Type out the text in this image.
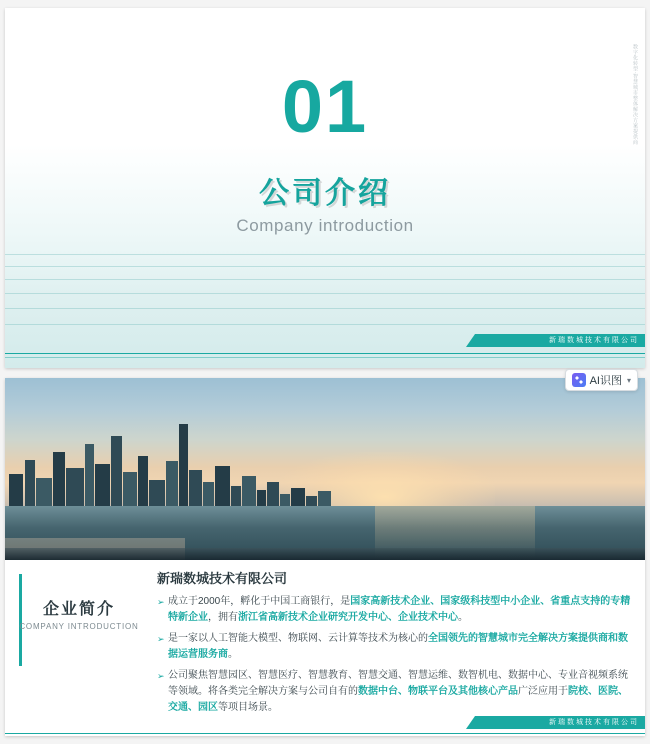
数字化转型·智慧城市整体解决方案提供商
01
公司介绍
Company introduction
新瑞数城技术有限公司
AI识图 ▾
企业简介
COMPANY INTRODUCTION
新瑞数城技术有限公司
➢ 成立于2000年，孵化于中国工商银行，是国家高新技术企业、国家级科技型中小企业、省重点支持的专精特新企业，拥有浙江省高新技术企业研究开发中心、企业技术中心。
➢ 是一家以人工智能大模型、物联网、云计算等技术为核心的全国领先的智慧城市完全解决方案提供商和数据运营服务商。
➢ 公司聚焦智慧园区、智慧医疗、智慧教育、智慧交通、智慧运维、数智机电、数据中心、专业音视频系统等领域。将各类完全解决方案与公司自有的数据中台、物联平台及其他核心产品广泛应用于院校、医院、交通、园区等项目场景。
新瑞数城技术有限公司
